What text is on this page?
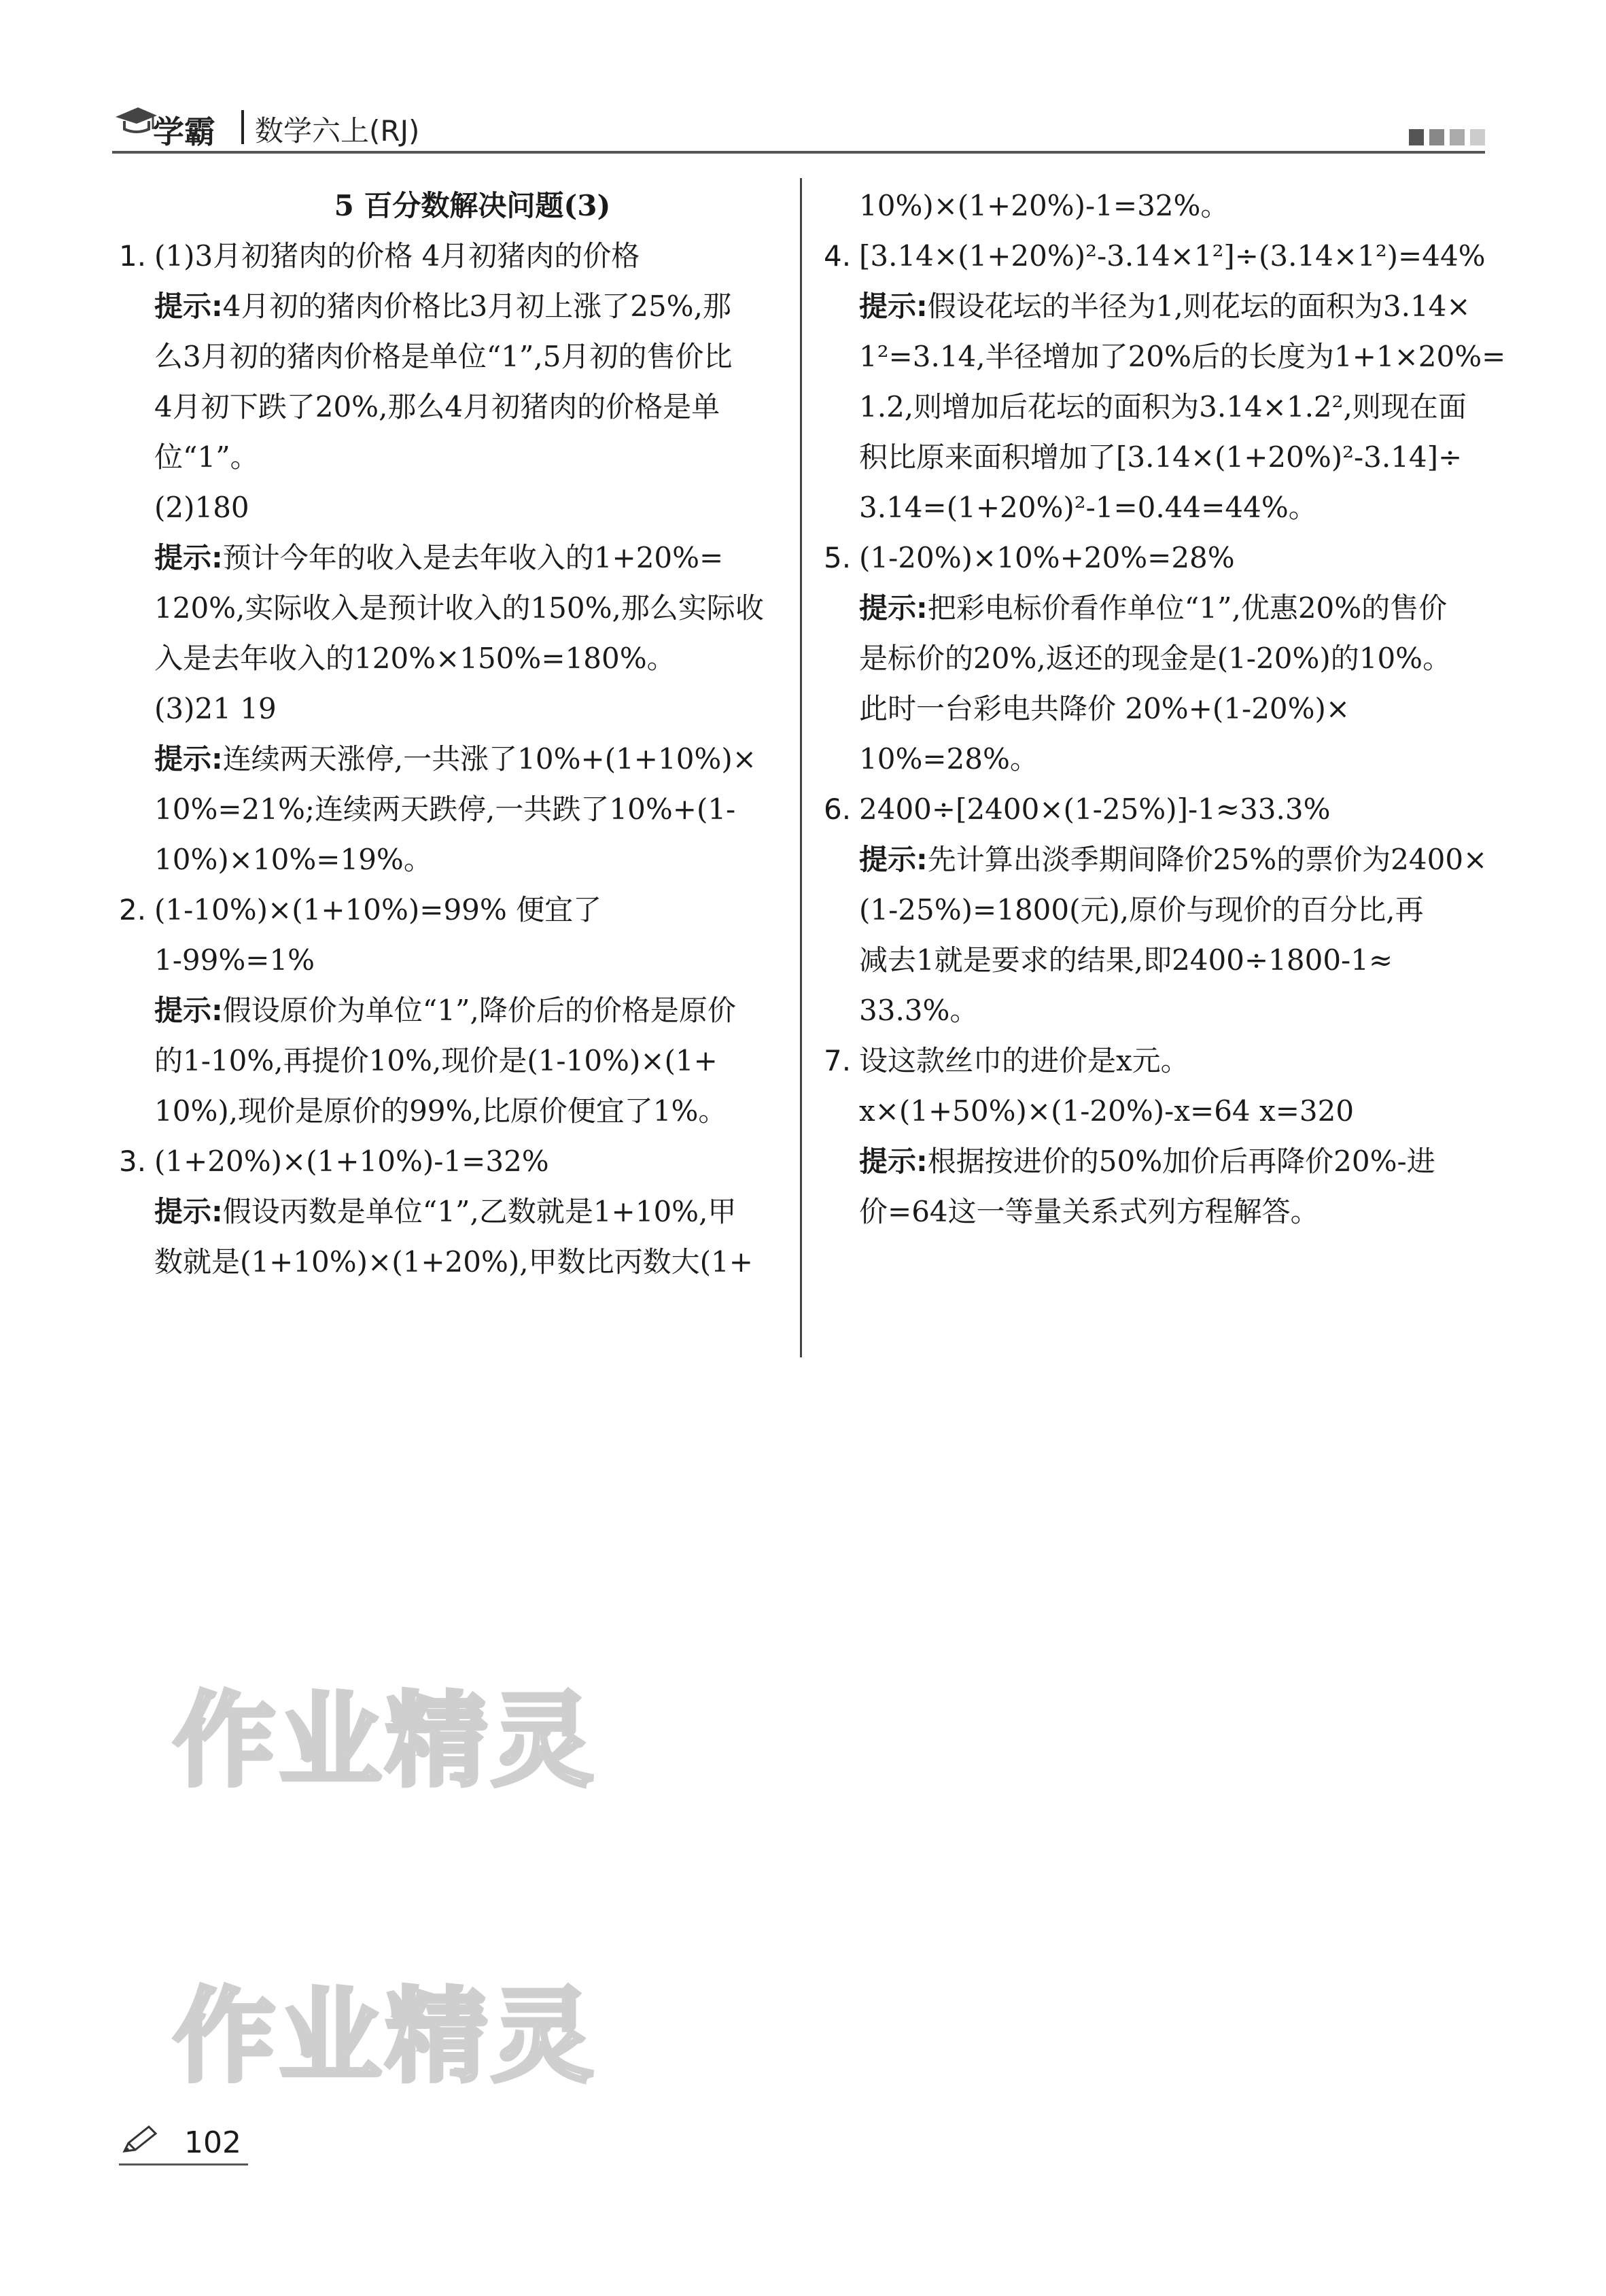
学霸 数学六上(RJ)
5 百分数解决问题(3)
1. (1)3月初猪肉的价格 4月初猪肉的价格
提示:4月初的猪肉价格比3月初上涨了25%,那
么3月初的猪肉价格是单位“1”,5月初的售价比
4月初下跌了20%,那么4月初猪肉的价格是单
位“1”。
(2)180
提示:预计今年的收入是去年收入的1+20%=
120%,实际收入是预计收入的150%,那么实际收
入是去年收入的120%×150%=180%。
(3)21 19
提示:连续两天涨停,一共涨了10%+(1+10%)×
10%=21%;连续两天跌停,一共跌了10%+(1-
10%)×10%=19%。
2. (1-10%)×(1+10%)=99% 便宜了
1-99%=1%
提示:假设原价为单位“1”,降价后的价格是原价
的1-10%,再提价10%,现价是(1-10%)×(1+
10%),现价是原价的99%,比原价便宜了1%。
3. (1+20%)×(1+10%)-1=32%
提示:假设丙数是单位“1”,乙数就是1+10%,甲
数就是(1+10%)×(1+20%),甲数比丙数大(1+
10%)×(1+20%)-1=32%。
4. [3.14×(1+20%)²-3.14×1²]÷(3.14×1²)=44%
提示:假设花坛的半径为1,则花坛的面积为3.14×
1²=3.14,半径增加了20%后的长度为1+1×20%=
1.2,则增加后花坛的面积为3.14×1.2²,则现在面
积比原来面积增加了[3.14×(1+20%)²-3.14]÷
3.14=(1+20%)²-1=0.44=44%。
5. (1-20%)×10%+20%=28%
提示:把彩电标价看作单位“1”,优惠20%的售价
是标价的20%,返还的现金是(1-20%)的10%。
此时一台彩电共降价 20%+(1-20%)×
10%=28%。
6. 2400÷[2400×(1-25%)]-1≈33.3%
提示:先计算出淡季期间降价25%的票价为2400×
(1-25%)=1800(元),原价与现价的百分比,再
减去1就是要求的结果,即2400÷1800-1≈
33.3%。
7. 设这款丝巾的进价是x元。
x×(1+50%)×(1-20%)-x=64 x=320
提示:根据按进价的50%加价后再降价20%-进
价=64这一等量关系式列方程解答。
作业精灵
作业精灵
102
